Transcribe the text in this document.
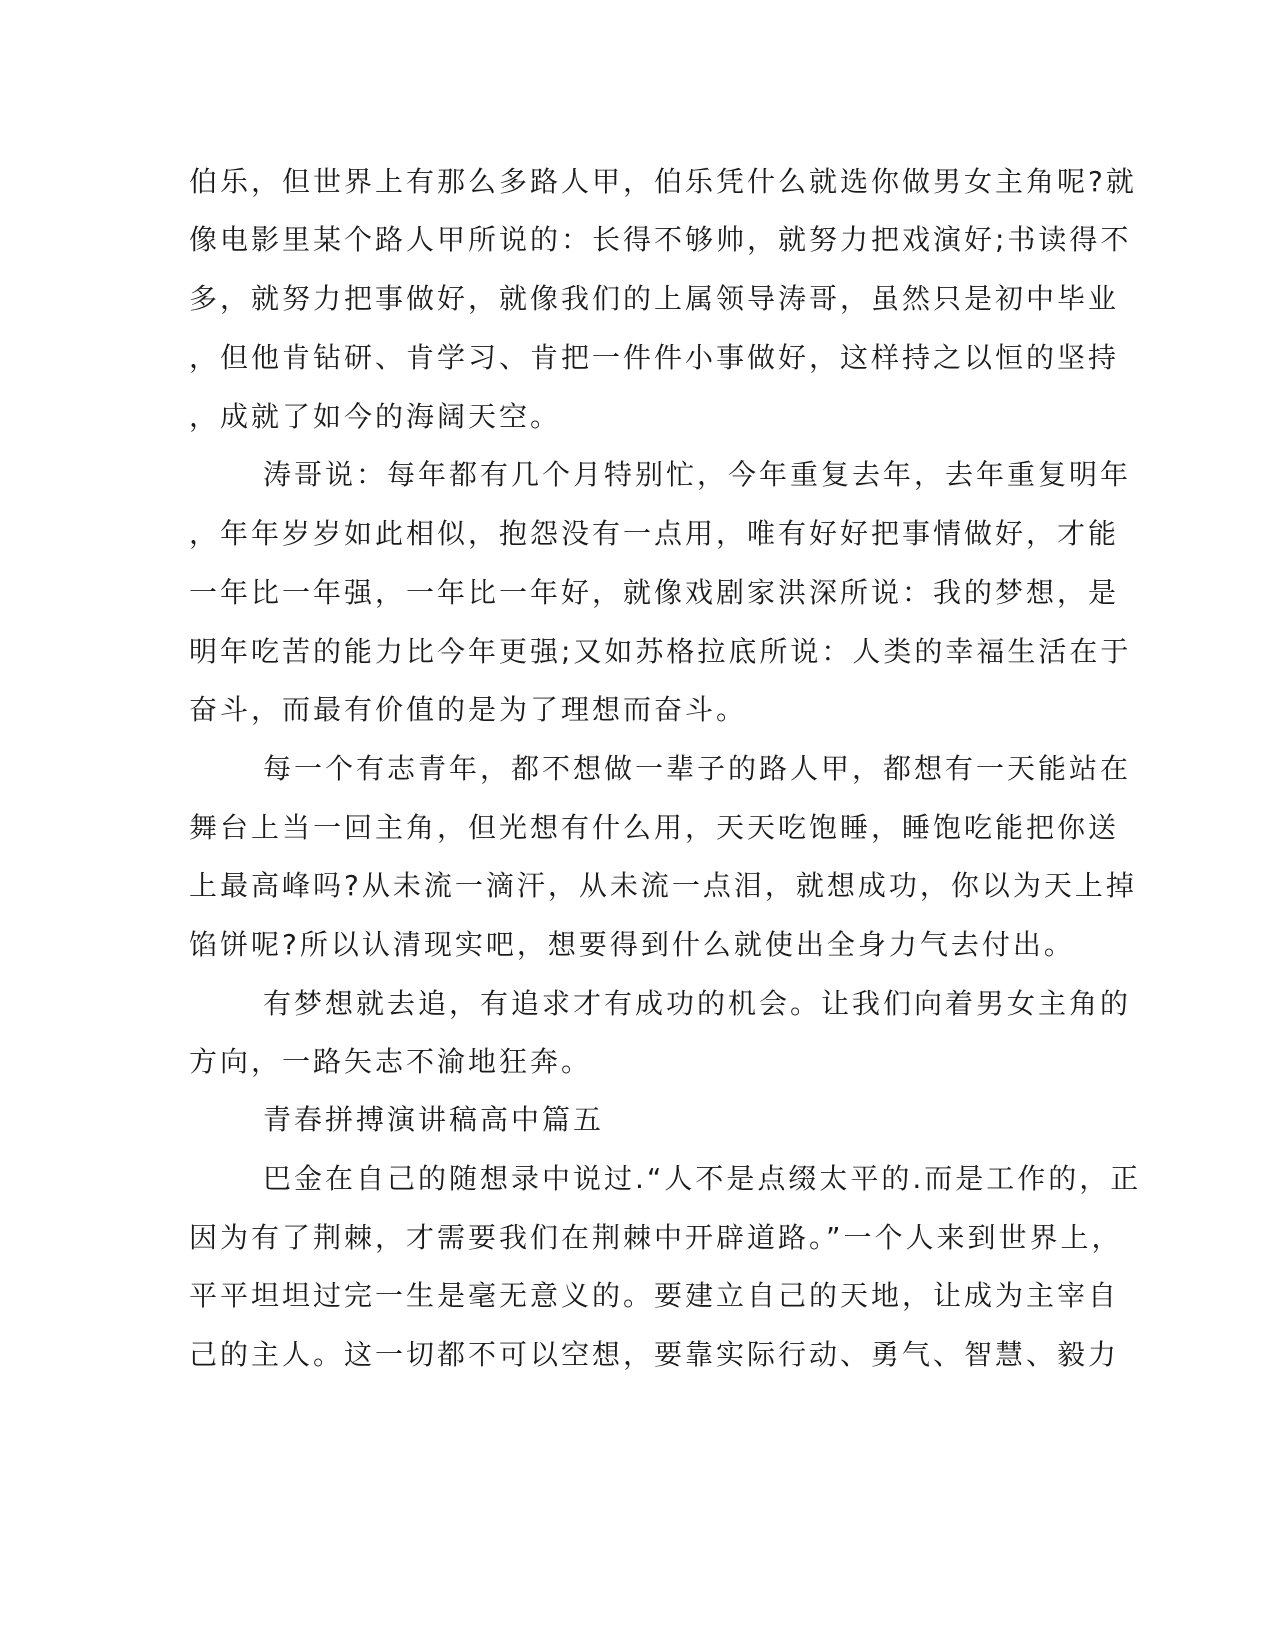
伯乐，但世界上有那么多路人甲，伯乐凭什么就选你做男女主角呢?就
像电影里某个路人甲所说的：长得不够帅，就努力把戏演好;书读得不
多，就努力把事做好，就像我们的上属领导涛哥，虽然只是初中毕业
，但他肯钻研、肯学习、肯把一件件小事做好，这样持之以恒的坚持
，成就了如今的海阔天空。
涛哥说：每年都有几个月特别忙，今年重复去年，去年重复明年
，年年岁岁如此相似，抱怨没有一点用，唯有好好把事情做好，才能
一年比一年强，一年比一年好，就像戏剧家洪深所说：我的梦想，是
明年吃苦的能力比今年更强;又如苏格拉底所说：人类的幸福生活在于
奋斗，而最有价值的是为了理想而奋斗。
每一个有志青年，都不想做一辈子的路人甲，都想有一天能站在
舞台上当一回主角，但光想有什么用，天天吃饱睡，睡饱吃能把你送
上最高峰吗?从未流一滴汗，从未流一点泪，就想成功，你以为天上掉
馅饼呢?所以认清现实吧，想要得到什么就使出全身力气去付出。
有梦想就去追，有追求才有成功的机会。让我们向着男女主角的
方向，一路矢志不渝地狂奔。
青春拼搏演讲稿高中篇五
巴金在自己的随想录中说过.“人不是点缀太平的.而是工作的，正
因为有了荆棘，才需要我们在荆棘中开辟道路。”一个人来到世界上，
平平坦坦过完一生是毫无意义的。要建立自己的天地，让成为主宰自
己的主人。这一切都不可以空想，要靠实际行动、勇气、智慧、毅力
